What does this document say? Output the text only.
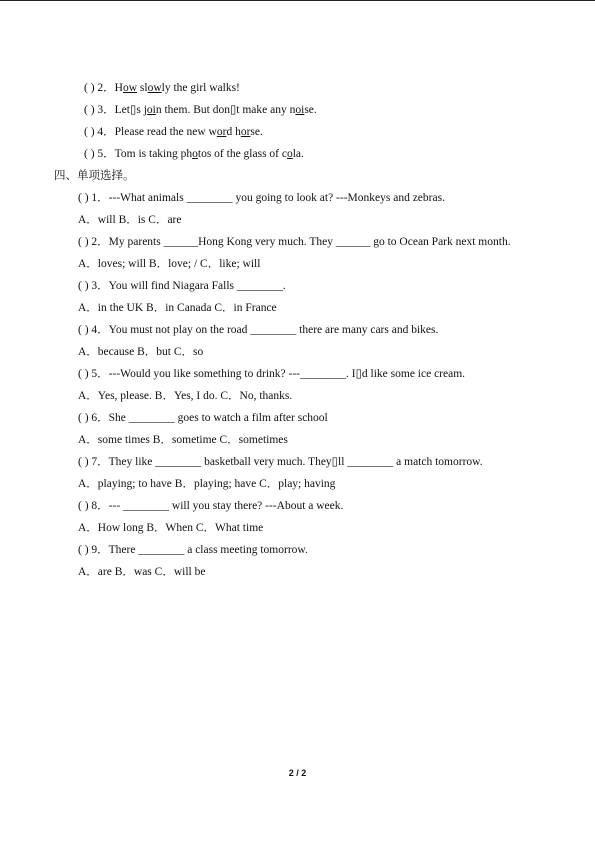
( ) 2．How slowly the girl walks!
( ) 3．Let▯s join them. But don▯t make any noise.
( ) 4．Please read the new word horse.
( ) 5．Tom is taking photos of the glass of cola.
四、单项选择。
( ) 1．---What animals ________ you going to look at? ---Monkeys and zebras.
A．will B．is C．are
( ) 2．My parents ______Hong Kong very much. They ______ go to Ocean Park next month.
A．loves; will B．love; / C．like; will
( ) 3．You will find Niagara Falls ________.
A．in the UK B．in Canada C．in France
( ) 4．You must not play on the road ________ there are many cars and bikes.
A．because B．but C．so
( ) 5．---Would you like something to drink? ---________. I▯d like some ice cream.
A．Yes, please. B．Yes, I do. C．No, thanks.
( ) 6．She ________ goes to watch a film after school
A．some times B．sometime C．sometimes
( ) 7．They like ________ basketball very much. They▯ll ________ a match tomorrow.
A．playing; to have B．playing; have C．play; having
( ) 8．--- ________ will you stay there? ---About a week.
A．How long B．When C．What time
( ) 9．There ________ a class meeting tomorrow.
A．are B．was C．will be
2 / 2
